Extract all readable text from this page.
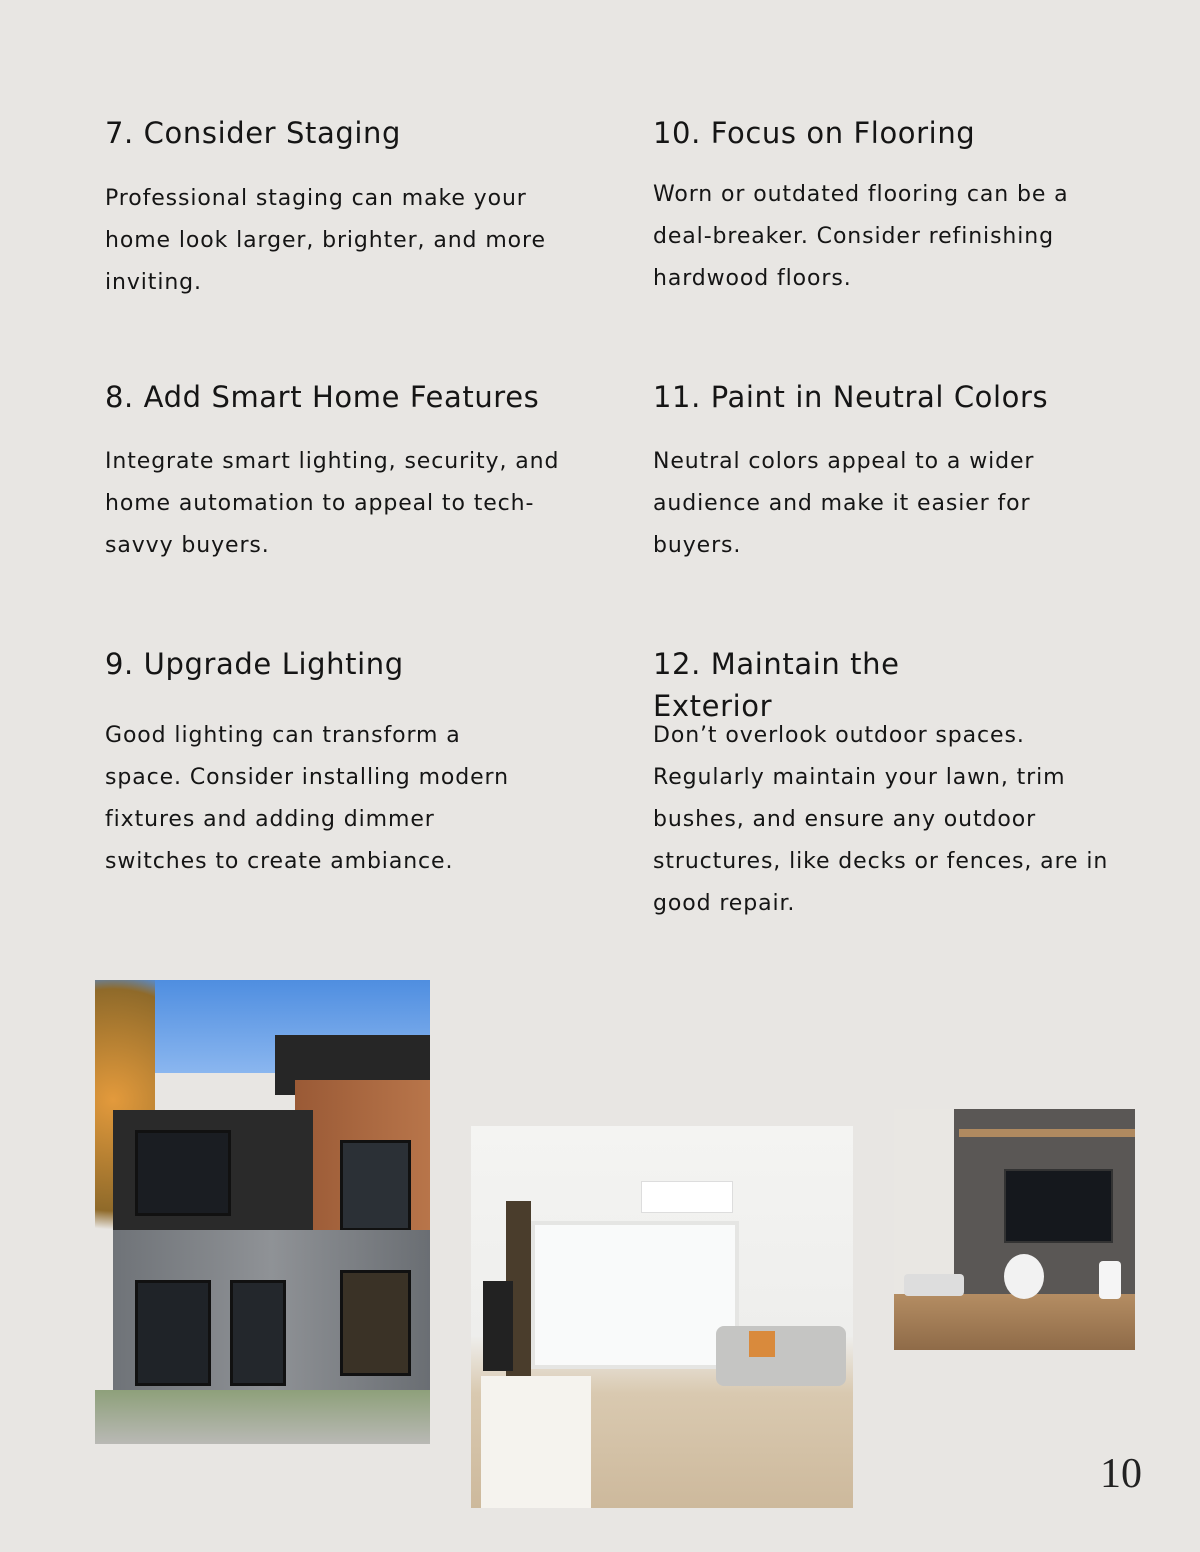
7. Consider Staging

Professional staging can make your home look larger, brighter, and more inviting.

8. Add Smart Home Features

Integrate smart lighting, security, and home automation to appeal to tech-savvy buyers.

9. Upgrade Lighting

Good lighting can transform a space. Consider installing modern fixtures and adding dimmer switches to create ambiance.

10. Focus on Flooring

Worn or outdated flooring can be a deal-breaker. Consider refinishing hardwood floors.

11. Paint in Neutral Colors

Neutral colors appeal to a wider audience and make it easier for buyers.

12. Maintain the Exterior

Don’t overlook outdoor spaces. Regularly maintain your lawn, trim bushes, and ensure any outdoor structures, like decks or fences, are in good repair.

10
